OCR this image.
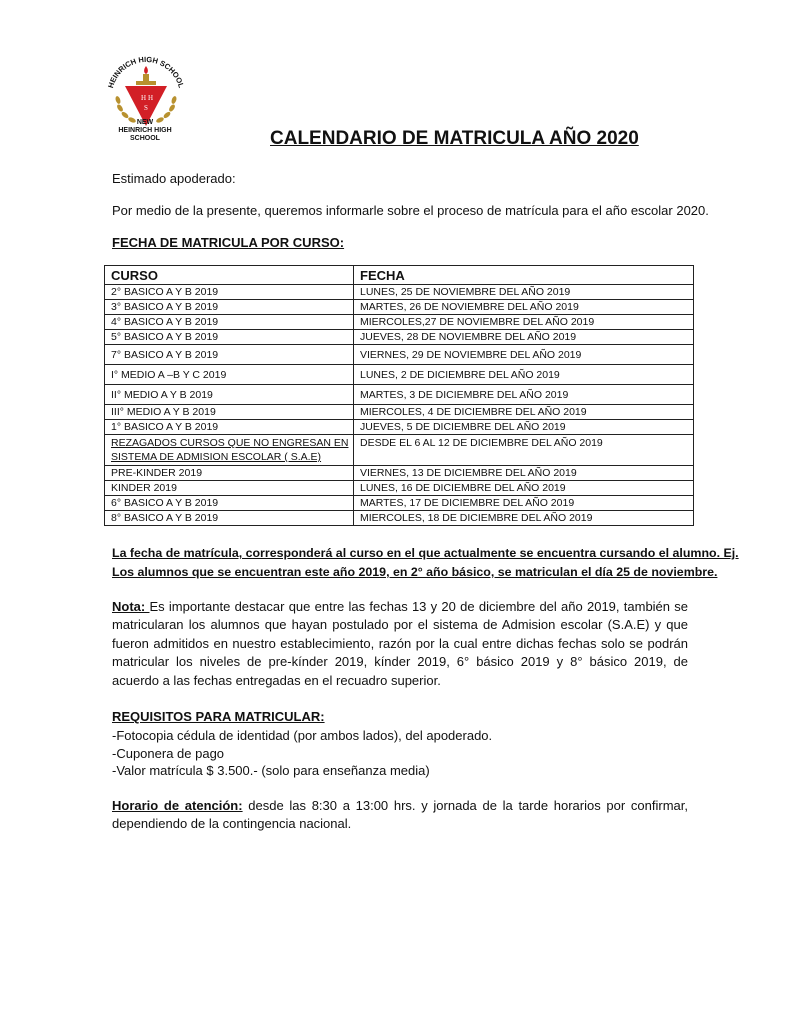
HEINRICH HIGH SCHOOL
H H
S
NEW
HEINRICH HIGH SCHOOL	CALENDARIO DE MATRICULA AÑO 2020
Estimado apoderado:
Por medio de la presente, queremos informarle sobre el proceso de matrícula para el año escolar 2020.
FECHA DE MATRICULA POR CURSO:
CURSO	FECHA
2° BASICO A Y B 2019	LUNES, 25 DE NOVIEMBRE DEL AÑO 2019
3° BASICO A Y B 2019	MARTES, 26 DE NOVIEMBRE DEL AÑO 2019
4° BASICO A Y B 2019	MIERCOLES,27 DE NOVIEMBRE DEL AÑO 2019
5° BASICO A Y B 2019	JUEVES, 28 DE NOVIEMBRE DEL AÑO 2019
7° BASICO A Y B 2019	VIERNES, 29 DE NOVIEMBRE DEL AÑO 2019
I° MEDIO A –B Y C 2019	LUNES, 2 DE DICIEMBRE DEL AÑO 2019
II° MEDIO A Y B 2019	MARTES, 3 DE DICIEMBRE DEL AÑO 2019
III° MEDIO A Y B 2019	MIERCOLES, 4 DE DICIEMBRE DEL AÑO 2019
1° BASICO A Y B 2019	JUEVES, 5 DE DICIEMBRE DEL AÑO 2019

REZAGADOS CURSOS QUE NO ENGRESAN EN
SISTEMA DE ADMISION ESCOLAR ( S.A.E)	DESDE EL 6 AL 12 DE DICIEMBRE DEL AÑO 2019
PRE-KINDER 2019	VIERNES, 13 DE DICIEMBRE DEL AÑO 2019
KINDER 2019	LUNES, 16 DE DICIEMBRE DEL AÑO 2019
6° BASICO A Y B 2019	MARTES, 17 DE DICIEMBRE DEL AÑO 2019
8° BASICO A Y B 2019	MIERCOLES, 18 DE DICIEMBRE DEL AÑO 2019
La fecha de matrícula, corresponderá al curso en el que actualmente se encuentra cursando el alumno. Ej.
Los alumnos que se encuentran este año 2019, en 2° año básico, se matriculan el día 25 de noviembre.
Nota: Es importante destacar que entre las fechas 13 y 20 de diciembre del año 2019, también se matricularan los alumnos que hayan postulado por el sistema de Admision escolar (S.A.E) y que fueron admitidos en nuestro establecimiento, razón por la cual entre dichas fechas solo se podrán matricular los niveles de pre-kínder 2019, kínder 2019, 6° básico 2019 y 8° básico 2019, de acuerdo a las fechas entregadas en el recuadro superior.
REQUISITOS PARA MATRICULAR:
-Fotocopia cédula de identidad (por ambos lados), del apoderado.
-Cuponera de pago
-Valor matrícula $ 3.500.- (solo para enseñanza media)
Horario de atención: desde las 8:30 a 13:00 hrs. y jornada de la tarde horarios por confirmar, dependiendo de la contingencia nacional.
